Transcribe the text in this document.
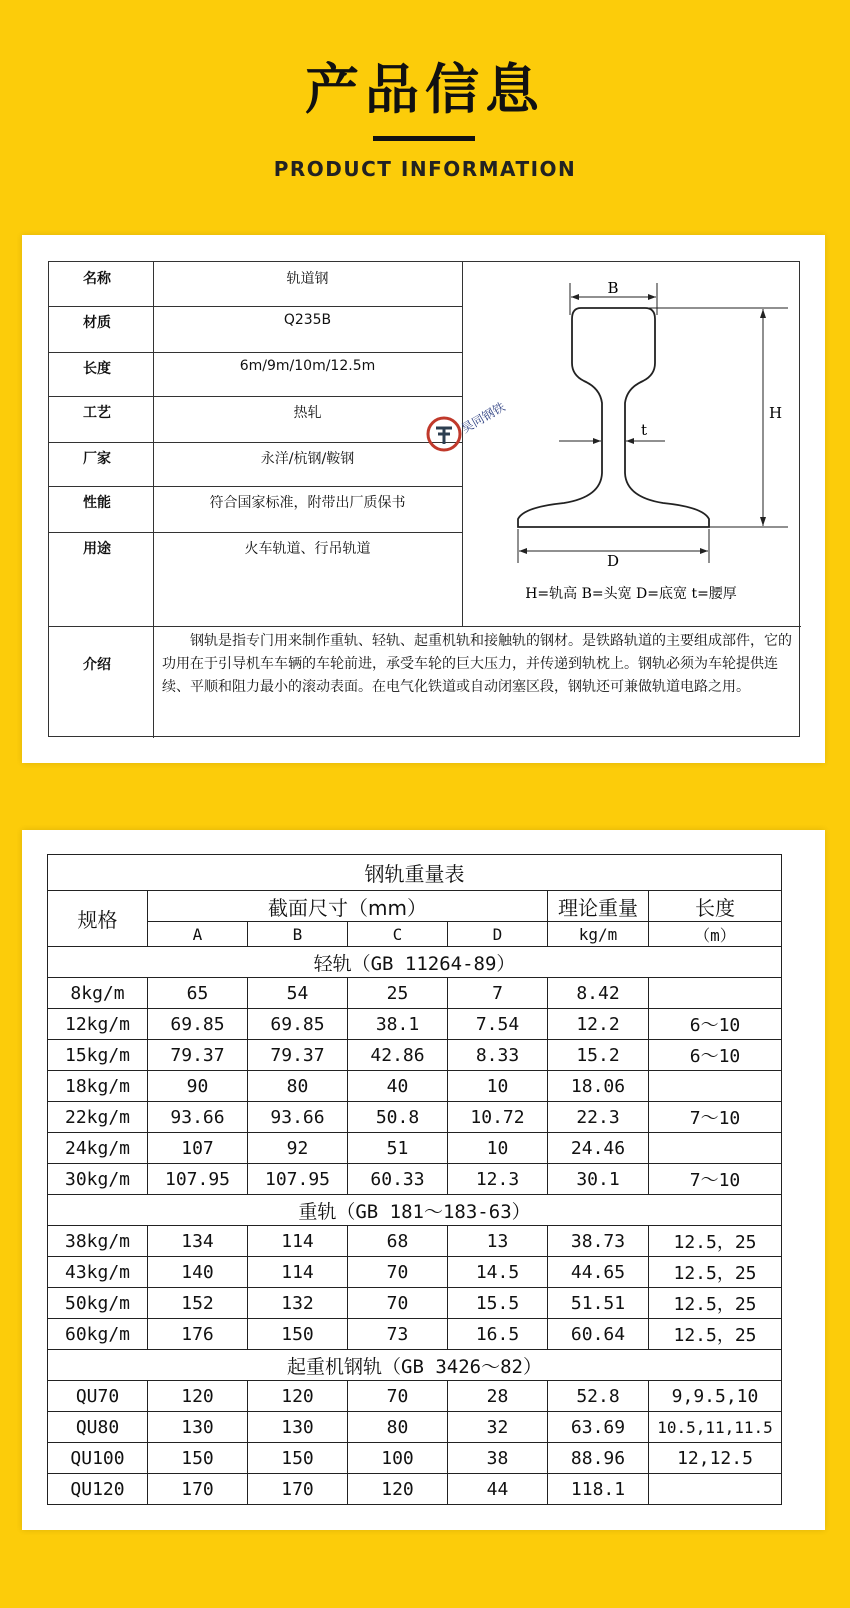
产品信息
PRODUCT INFORMATION
名称	轨道钢
材质	Q235B
长度	6m/9m/10m/12.5m
工艺	热轧
厂家	永洋/杭钢/鞍钢
性能	符合国家标准，附带出厂质保书
用途	火车轨道、行吊轨道
介绍
钢轨是指专门用来制作重轨、轻轨、起重机轨和接触轨的钢材。是铁路轨道的主要组成部件，它的功用在于引导机车车辆的车轮前进，承受车轮的巨大压力，并传递到轨枕上。钢轨必须为车轮提供连续、平顺和阻力最小的滚动表面。在电气化铁道或自动闭塞区段，钢轨还可兼做轨道电路之用。
B
H
t
D
H=轨高 B=头宽 D=底宽 t=腰厚
昊同钢铁
钢轨重量表						
规格	截面尺寸（mm）				理论重量	长度
	A	B	C	D	kg/m	（m）
轻轨（GB 11264-89）						
8kg/m	65	54	25	7	8.42	
12kg/m	69.85	69.85	38.1	7.54	12.2	6～10
15kg/m	79.37	79.37	42.86	8.33	15.2	6～10
18kg/m	90	80	40	10	18.06	
22kg/m	93.66	93.66	50.8	10.72	22.3	7～10
24kg/m	107	92	51	10	24.46	
30kg/m	107.95	107.95	60.33	12.3	30.1	7～10
重轨（GB 181～183-63）						
38kg/m	134	114	68	13	38.73	12.5，25
43kg/m	140	114	70	14.5	44.65	12.5，25
50kg/m	152	132	70	15.5	51.51	12.5，25
60kg/m	176	150	73	16.5	60.64	12.5，25
起重机钢轨（GB 3426～82）						
QU70	120	120	70	28	52.8	9,9.5,10
QU80	130	130	80	32	63.69	10.5,11,11.5
QU100	150	150	100	38	88.96	12,12.5
QU120	170	170	120	44	118.1	
